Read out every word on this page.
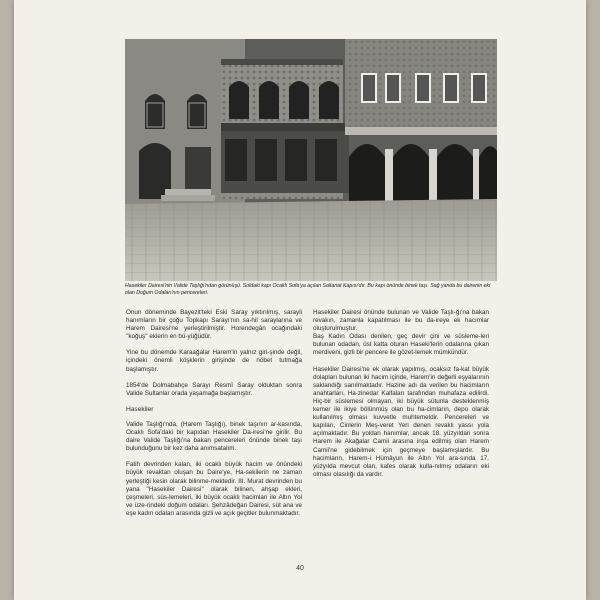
Hasekiler Dairesi'nin Valide Taşlığı'ndan görünüşü. Soldaki kapı Ocaklı Sofa'ya açılan Saltanat Kapısı'dır. Bu kapı önünde binek taşı. Sağ yanda bu dairenin eki olan Doğum Odaları'nın pencereleri.

Onun döneminde Bayezit'teki Eski Saray yıktırılmış, sarayli hanımların bir çoğu Topkapı Sarayı'nın sa-hil saraylarına ve Harem Dairesi'ne yerleştirilmiştir. Horendegân ocağındaki ''koğuş'' eklerin en bü-yüğüdür.

Yine bu dönemde Karaağalar Harem'in yalnız giri-şinde değil, içindeki önemli köşklerin girişinde de nöbet tutmağa başlamıştır.

1854'de Dolmabahçe Sarayı Resmî Saray olduktan sonra Valide Sultanlar orada yaşamağa başlamıştır.

Hasekiler

Valide Taşlığı'nda, (Harem Taşlığı), binek taşının ar-kasında, Ocaklı Sofa'daki bir kapıdan Hasekiler Da-iresi'ne girilir. Bu daire Valide Taşlığı'na bakan pencereleri önünde binek taşı bulunduğunu bir kez daha anımsatalım.

Fatih devrinden kalan, iki ocaklı büyük hacim ve önündeki büyük revaktan oluşan bu Daire'ye, Ha-sekilerin ne zaman yerleştiği kesin olarak bilinme-mektedir. III. Murat devrinden bu yana ''Hasekiler Dairesi'' olarak bilinen, ahşap ekleri, çeşmeleri, süs-lemeleri, iki büyük ocaklı hacimlan ile Altın Yol ve üze-rindeki doğum odaları. Şehzâdeğan Dairesi, süt ana ve eşe kadın odaları arasında gizli ve açık geçitler bulunmaktadır.

Hasekiler Dairesi önünde bulunan ve Valide Taşlı-ğı'na bakan revakın, zamanla kapatılması ile bu da-ireye ek hacımlar oluşturulmuştur.

Baş Kadın Odası denilen, geç devir çini ve süsleme-leri bulunan odadan, üst katta oturan Haseki'lerin odalarına çıkan merdiveni, gizli bir pencere ile gözet-lemek mümkündür.

Hasekiler Dairesi'ne ek olarak yapılmış, ocaksız fa-kat büyük dolapları bulunan iki hacim içinde, Harem'in değerli eşyalarının saklandığı sanılmaktadır. Hazine adı da verilen bu hacimların anahtarları, Ha-zinedar Kalfaları tarafından muhafaza edilirdi. Hiç-bir süslemesi olmayan, iki büyük sütunla desteklenmiş kemer ile ikiye bölünmüş olan bu ha-cimların, depo olarak kullanılmış olması kuvvetle muhtemeldir. Pencereleri ve kapıları, Cinlerin Meş-veret Yeri denen revaklı yassı yola açılmaktadır. Bu yoldan hanımlar, ancak 18. yüzyıldan sonra Harem ile Akağalar Camii arasına inşa edilmiş olan Harem Camii'ne gidebilmek için geçmeye başlamışlardır. Bu hacimların, Harem-i Hümâyun ile Altın Yol ara-sında 17. yüzyılda mevcut olan, kafes olarak kulla-nılmış odaların eki olması olasılığı da vardır.

40
